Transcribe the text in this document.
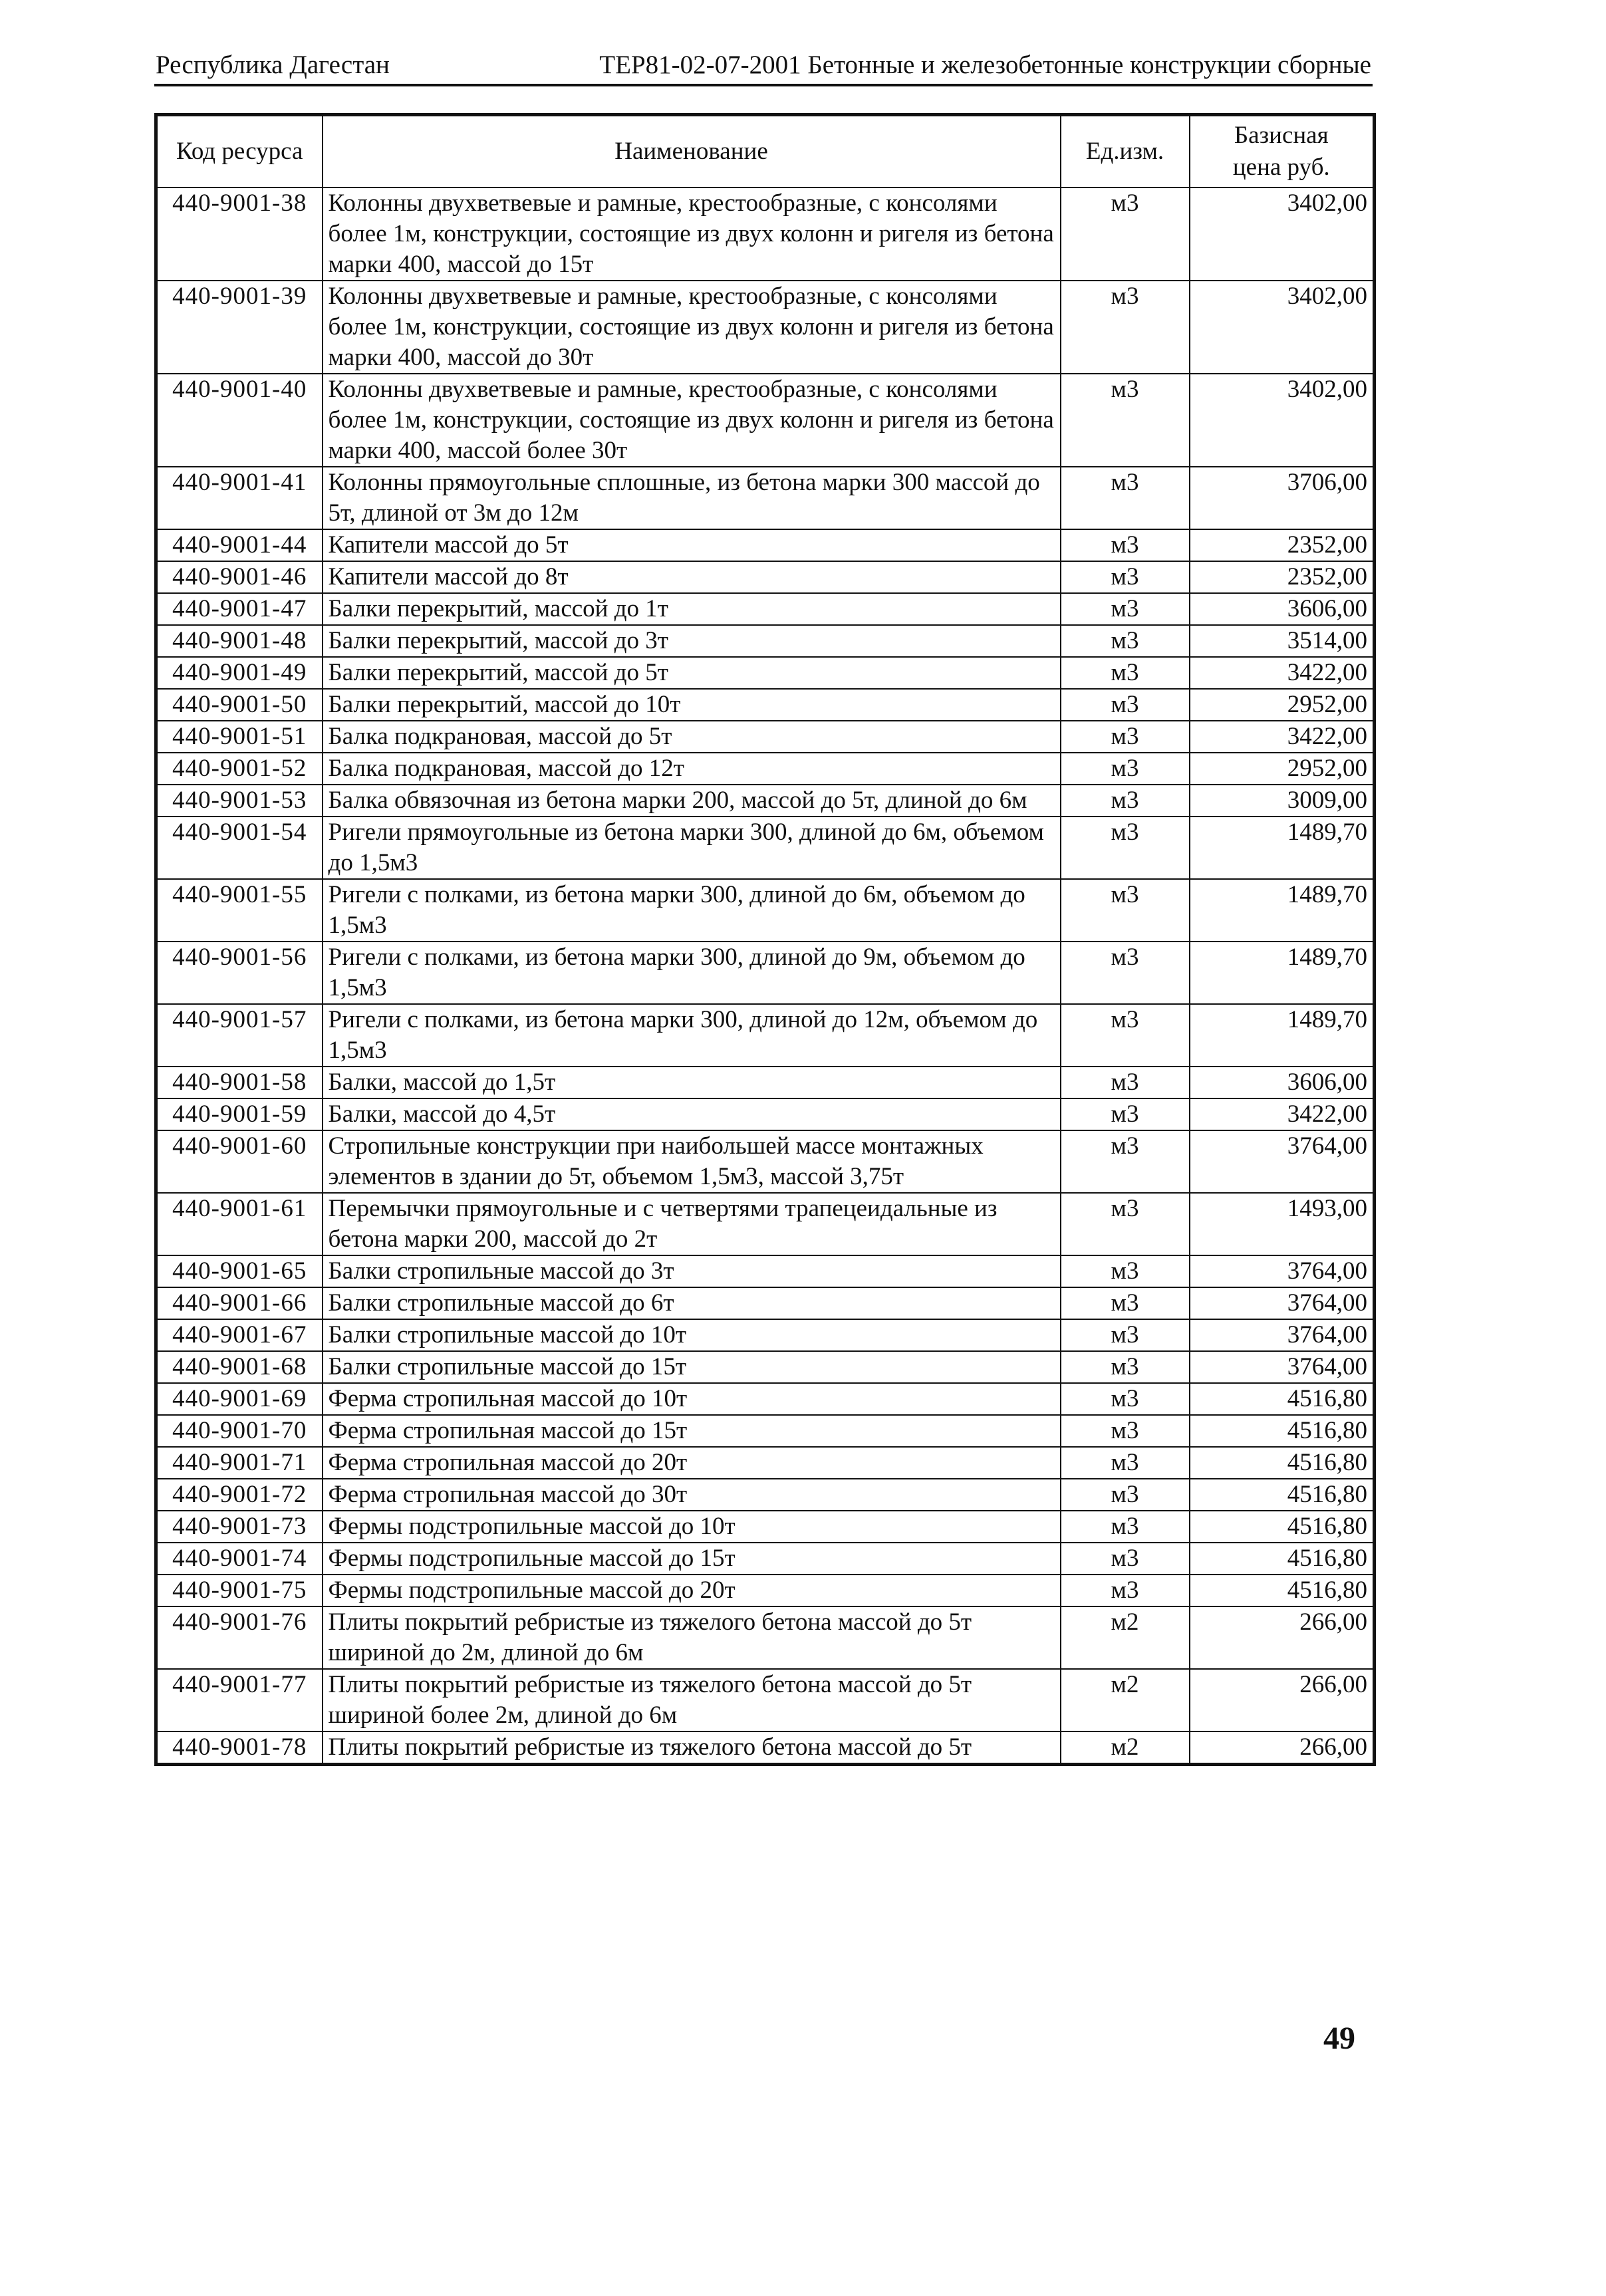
Республика Дагестан	ТЕР81-02-07-2001 Бетонные и железобетонные конструкции сборные
Код ресурса	Наименование	Ед.изм.	Базисная цена руб.
440-9001-38	Колонны двухветвевые и рамные, крестообразные, с консолями более 1м, конструкции, состоящие из двух колонн и ригеля из бетона марки 400, массой до 15т	м3	3402,00
440-9001-39	Колонны двухветвевые и рамные, крестообразные, с консолями более 1м, конструкции, состоящие из двух колонн и ригеля из бетона марки 400, массой до 30т	м3	3402,00
440-9001-40	Колонны двухветвевые и рамные, крестообразные, с консолями более 1м, конструкции, состоящие из двух колонн и ригеля из бетона марки 400, массой более 30т	м3	3402,00
440-9001-41	Колонны прямоугольные сплошные, из бетона марки 300 массой до 5т, длиной от 3м до 12м	м3	3706,00
440-9001-44	Капители массой до 5т	м3	2352,00
440-9001-46	Капители массой до 8т	м3	2352,00
440-9001-47	Балки перекрытий, массой до 1т	м3	3606,00
440-9001-48	Балки перекрытий, массой до 3т	м3	3514,00
440-9001-49	Балки перекрытий, массой до 5т	м3	3422,00
440-9001-50	Балки перекрытий, массой до 10т	м3	2952,00
440-9001-51	Балка подкрановая, массой до 5т	м3	3422,00
440-9001-52	Балка подкрановая, массой до 12т	м3	2952,00
440-9001-53	Балка обвязочная из бетона марки 200, массой до 5т, длиной до 6м	м3	3009,00
440-9001-54	Ригели прямоугольные из бетона марки 300, длиной до 6м, объемом до 1,5м3	м3	1489,70
440-9001-55	Ригели с полками, из бетона марки 300, длиной до 6м, объемом до 1,5м3	м3	1489,70
440-9001-56	Ригели с полками, из бетона марки 300, длиной до 9м, объемом до 1,5м3	м3	1489,70
440-9001-57	Ригели с полками, из бетона марки 300, длиной до 12м, объемом до 1,5м3	м3	1489,70
440-9001-58	Балки, массой до 1,5т	м3	3606,00
440-9001-59	Балки, массой до 4,5т	м3	3422,00
440-9001-60	Стропильные конструкции при наибольшей массе монтажных элементов в здании до 5т, объемом 1,5м3, массой 3,75т	м3	3764,00
440-9001-61	Перемычки прямоугольные и с четвертями трапецеидальные из бетона марки 200, массой до 2т	м3	1493,00
440-9001-65	Балки стропильные массой до 3т	м3	3764,00
440-9001-66	Балки стропильные массой до 6т	м3	3764,00
440-9001-67	Балки стропильные массой до 10т	м3	3764,00
440-9001-68	Балки стропильные массой до 15т	м3	3764,00
440-9001-69	Ферма стропильная массой до 10т	м3	4516,80
440-9001-70	Ферма стропильная массой до 15т	м3	4516,80
440-9001-71	Ферма стропильная массой до 20т	м3	4516,80
440-9001-72	Ферма стропильная массой до 30т	м3	4516,80
440-9001-73	Фермы подстропильные массой до 10т	м3	4516,80
440-9001-74	Фермы подстропильные массой до 15т	м3	4516,80
440-9001-75	Фермы подстропильные массой до 20т	м3	4516,80
440-9001-76	Плиты покрытий ребристые из тяжелого бетона массой до 5т шириной до 2м, длиной до 6м	м2	266,00
440-9001-77	Плиты покрытий ребристые из тяжелого бетона массой до 5т шириной более 2м, длиной до 6м	м2	266,00
440-9001-78	Плиты покрытий ребристые из тяжелого бетона массой до 5т	м2	266,00
49
